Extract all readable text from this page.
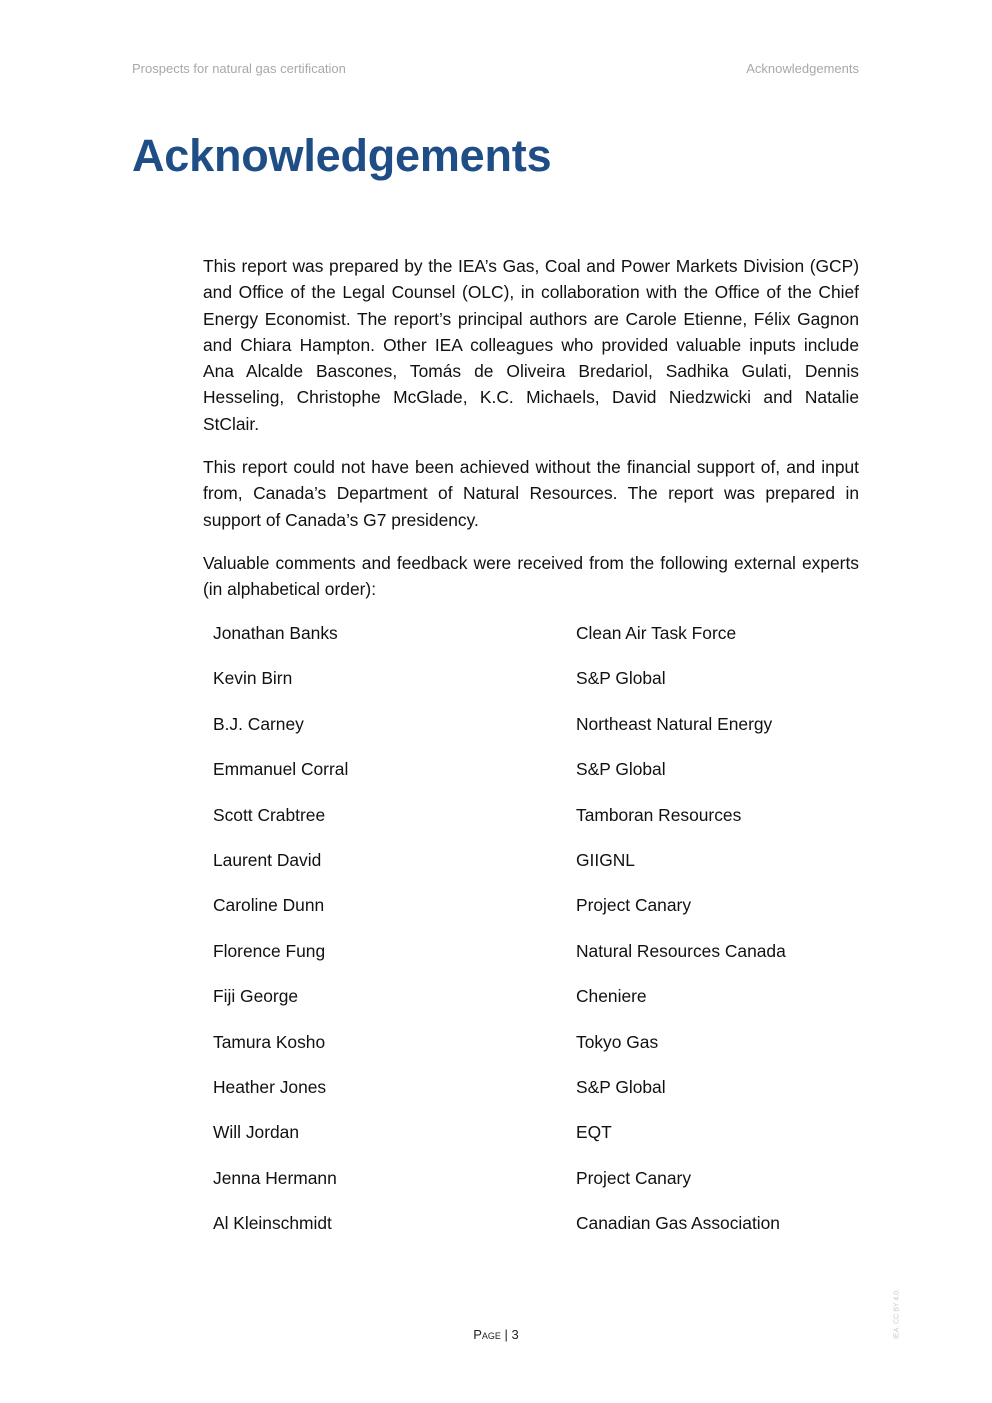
Prospects for natural gas certification	Acknowledgements
Acknowledgements

This report was prepared by the IEA’s Gas, Coal and Power Markets Division (GCP) and Office of the Legal Counsel (OLC), in collaboration with the Office of the Chief Energy Economist. The report’s principal authors are Carole Etienne, Félix Gagnon and Chiara Hampton. Other IEA colleagues who provided valuable inputs include Ana Alcalde Bascones, Tomás de Oliveira Bredariol, Sadhika Gulati, Dennis Hesseling, Christophe McGlade, K.C. Michaels, David Niedzwicki and Natalie StClair.

This report could not have been achieved without the financial support of, and input from, Canada’s Department of Natural Resources. The report was prepared in support of Canada’s G7 presidency.

Valuable comments and feedback were received from the following external experts (in alphabetical order):

Jonathan Banks	Clean Air Task Force
Kevin Birn	S&P Global
B.J. Carney	Northeast Natural Energy
Emmanuel Corral	S&P Global
Scott Crabtree	Tamboran Resources
Laurent David	GIIGNL
Caroline Dunn	Project Canary
Florence Fung	Natural Resources Canada
Fiji George	Cheniere
Tamura Kosho	Tokyo Gas
Heather Jones	S&P Global
Will Jordan	EQT
Jenna Hermann	Project Canary
Al Kleinschmidt	Canadian Gas Association
Page | 3	IEA. CC BY 4.0.
